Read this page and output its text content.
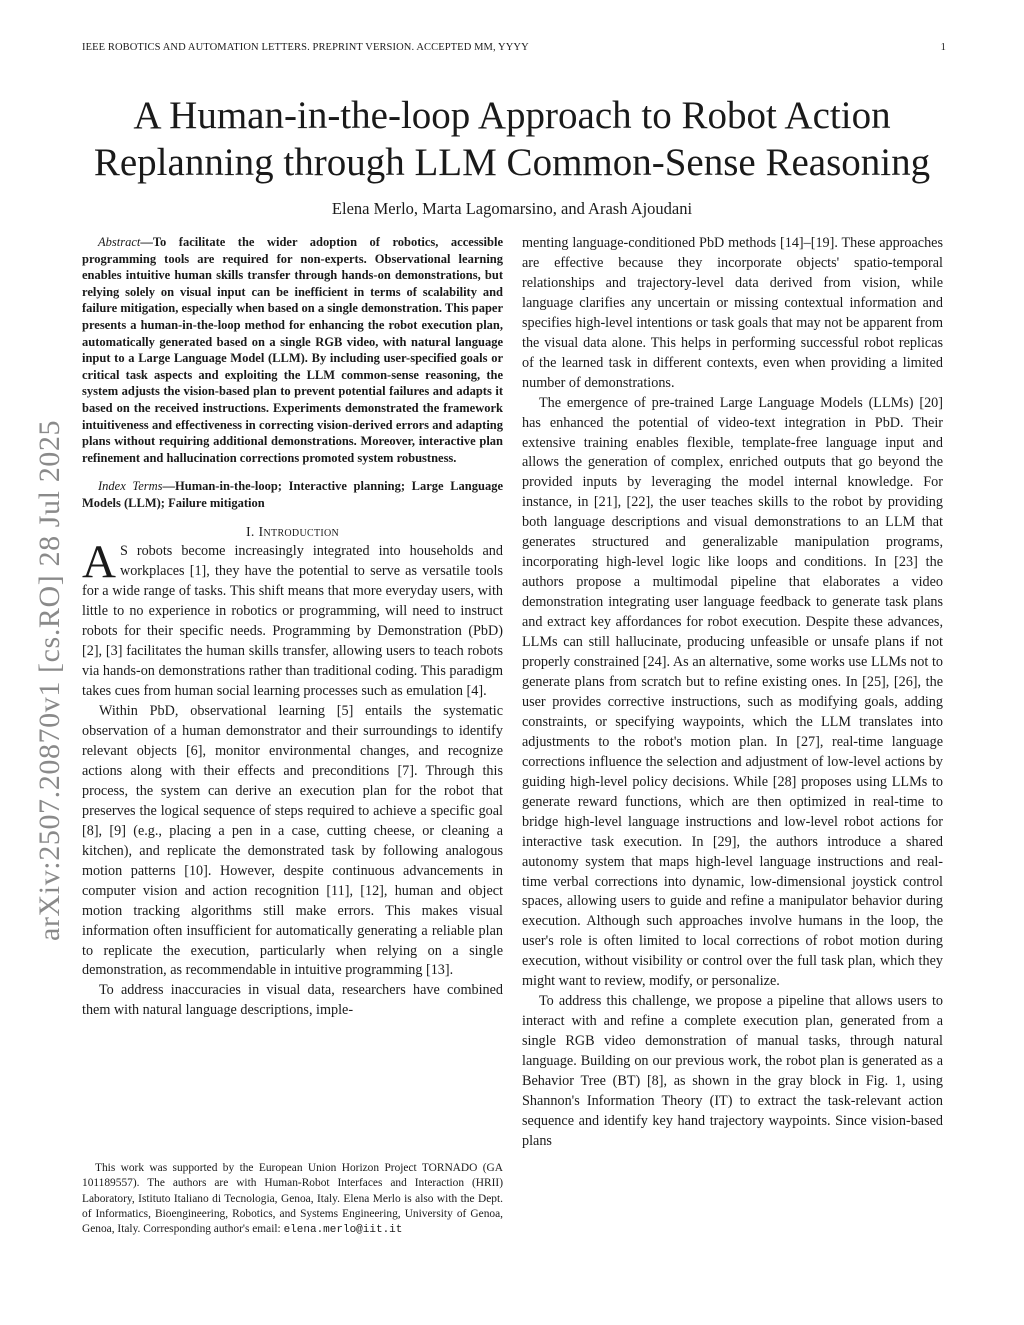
IEEE ROBOTICS AND AUTOMATION LETTERS. PREPRINT VERSION. ACCEPTED MM, YYYY	1
arXiv:2507.20870v1 [cs.RO] 28 Jul 2025
A Human-in-the-loop Approach to Robot Action
Replanning through LLM Common-Sense Reasoning
Elena Merlo, Marta Lagomarsino, and Arash Ajoudani
Abstract—To facilitate the wider adoption of robotics, accessible programming tools are required for non-experts. Observational learning enables intuitive human skills transfer through hands-on demonstrations, but relying solely on visual input can be inefficient in terms of scalability and failure mitigation, especially when based on a single demonstration. This paper presents a human-in-the-loop method for enhancing the robot execution plan, automatically generated based on a single RGB video, with natural language input to a Large Language Model (LLM). By including user-specified goals or critical task aspects and exploiting the LLM common-sense reasoning, the system adjusts the vision-based plan to prevent potential failures and adapts it based on the received instructions. Experiments demonstrated the framework intuitiveness and effectiveness in correcting vision-derived errors and adapting plans without requiring additional demonstrations. Moreover, interactive plan refinement and hallucination corrections promoted system robustness.
Index Terms—Human-in-the-loop; Interactive planning; Large Language Models (LLM); Failure mitigation
I. Introduction

A S robots become increasingly integrated into households and workplaces [1], they have the potential to serve as versatile tools for a wide range of tasks. This shift means that more everyday users, with little to no experience in robotics or programming, will need to instruct robots for their specific needs. Programming by Demonstration (PbD) [2], [3] facilitates the human skills transfer, allowing users to teach robots via hands-on demonstrations rather than traditional coding. This paradigm takes cues from human social learning processes such as emulation [4].

Within PbD, observational learning [5] entails the systematic observation of a human demonstrator and their surroundings to identify relevant objects [6], monitor environmental changes, and recognize actions along with their effects and preconditions [7]. Through this process, the system can derive an execution plan for the robot that preserves the logical sequence of steps required to achieve a specific goal [8], [9] (e.g., placing a pen in a case, cutting cheese, or cleaning a kitchen), and replicate the demonstrated task by following analogous motion patterns [10]. However, despite continuous advancements in computer vision and action recognition [11], [12], human and object motion tracking algorithms still make errors. This makes visual information often insufficient for automatically generating a reliable plan to replicate the execution, particularly when relying on a single demonstration, as recommendable in intuitive programming [13].

To address inaccuracies in visual data, researchers have combined them with natural language descriptions, imple-

This work was supported by the European Union Horizon Project TORNADO (GA 101189557). The authors are with Human-Robot Interfaces and Interaction (HRII) Laboratory, Istituto Italiano di Tecnologia, Genoa, Italy. Elena Merlo is also with the Dept. of Informatics, Bioengineering, Robotics, and Systems Engineering, University of Genoa, Genoa, Italy. Corresponding author's email: elena.merlo@iit.it

menting language-conditioned PbD methods [14]–[19]. These approaches are effective because they incorporate objects' spatio-temporal relationships and trajectory-level data derived from vision, while language clarifies any uncertain or missing contextual information and specifies high-level intentions or task goals that may not be apparent from the visual data alone. This helps in performing successful robot replicas of the learned task in different contexts, even when providing a limited number of demonstrations.

The emergence of pre-trained Large Language Models (LLMs) [20] has enhanced the potential of video-text integration in PbD. Their extensive training enables flexible, template-free language input and allows the generation of complex, enriched outputs that go beyond the provided inputs by leveraging the model internal knowledge. For instance, in [21], [22], the user teaches skills to the robot by providing both language descriptions and visual demonstrations to an LLM that generates structured and generalizable manipulation programs, incorporating high-level logic like loops and conditions. In [23] the authors propose a multimodal pipeline that elaborates a video demonstration integrating user language feedback to generate task plans and extract key affordances for robot execution. Despite these advances, LLMs can still hallucinate, producing unfeasible or unsafe plans if not properly constrained [24]. As an alternative, some works use LLMs not to generate plans from scratch but to refine existing ones. In [25], [26], the user provides corrective instructions, such as modifying goals, adding constraints, or specifying waypoints, which the LLM translates into adjustments to the robot's motion plan. In [27], real-time language corrections influence the selection and adjustment of low-level actions by guiding high-level policy decisions. While [28] proposes using LLMs to generate reward functions, which are then optimized in real-time to bridge high-level language instructions and low-level robot actions for interactive task execution. In [29], the authors introduce a shared autonomy system that maps high-level language instructions and real-time verbal corrections into dynamic, low-dimensional joystick control spaces, allowing users to guide and refine a manipulator behavior during execution. Although such approaches involve humans in the loop, the user's role is often limited to local corrections of robot motion during execution, without visibility or control over the full task plan, which they might want to review, modify, or personalize.

To address this challenge, we propose a pipeline that allows users to interact with and refine a complete execution plan, generated from a single RGB video demonstration of manual tasks, through natural language. Building on our previous work, the robot plan is generated as a Behavior Tree (BT) [8], as shown in the gray block in Fig. 1, using Shannon's Information Theory (IT) to extract the task-relevant action sequence and identify key hand trajectory waypoints. Since vision-based plans
